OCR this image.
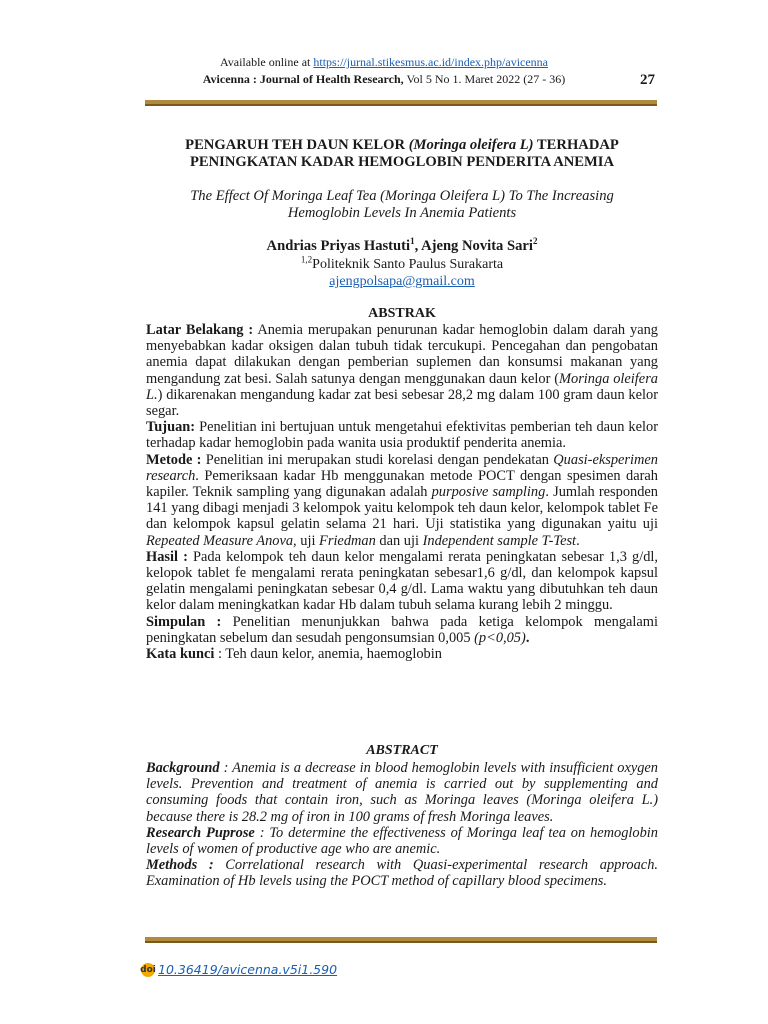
Available online at https://jurnal.stikesmus.ac.id/index.php/avicenna
Avicenna : Journal of Health Research, Vol 5 No 1. Maret 2022 (27 - 36)	27
PENGARUH TEH DAUN KELOR (Moringa oleifera L) TERHADAP
PENINGKATAN KADAR HEMOGLOBIN PENDERITA ANEMIA
The Effect Of Moringa Leaf Tea (Moringa Oleifera L) To The Increasing
Hemoglobin Levels In Anemia Patients
Andrias Priyas Hastuti$^1$, Ajeng Novita Sari$^2$
$^{1,2}$Politeknik Santo Paulus Surakarta
ajengpolsapa@gmail.com
ABSTRAK

Latar Belakang : Anemia merupakan penurunan kadar hemoglobin dalam darah yang menyebabkan kadar oksigen dalan tubuh tidak tercukupi. Pencegahan dan pengobatan anemia dapat dilakukan dengan pemberian suplemen dan konsumsi makanan yang mengandung zat besi. Salah satunya dengan menggunakan daun kelor (Moringa oleifera L.) dikarenakan mengandung kadar zat besi sebesar 28,2 mg dalam 100 gram daun kelor segar.

Tujuan: Penelitian ini bertujuan untuk mengetahui efektivitas pemberian teh daun kelor terhadap kadar hemoglobin pada wanita usia produktif penderita anemia.

Metode : Penelitian ini merupakan studi korelasi dengan pendekatan Quasi-eksperimen research. Pemeriksaan kadar Hb menggunakan metode POCT dengan spesimen darah kapiler. Teknik sampling yang digunakan adalah purposive sampling. Jumlah responden 141 yang dibagi menjadi 3 kelompok yaitu kelompok teh daun kelor, kelompok tablet Fe dan kelompok kapsul gelatin selama 21 hari. Uji statistika yang digunakan yaitu uji Repeated Measure Anova, uji Friedman dan uji Independent sample T-Test.

Hasil : Pada kelompok teh daun kelor mengalami rerata peningkatan sebesar 1,3 g/dl, kelopok tablet fe mengalami rerata peningkatan sebesar1,6 g/dl, dan kelompok kapsul gelatin mengalami peningkatan sebesar 0,4 g/dl. Lama waktu yang dibutuhkan teh daun kelor dalam meningkatkan kadar Hb dalam tubuh selama kurang lebih 2 minggu.

Simpulan : Penelitian menunjukkan bahwa pada ketiga kelompok mengalami peningkatan sebelum dan sesudah pengonsumsian 0,005 (p<0,05).

Kata kunci : Teh daun kelor, anemia, haemoglobin

ABSTRACT

Background : Anemia is a decrease in blood hemoglobin levels with insufficient oxygen levels. Prevention and treatment of anemia is carried out by supplementing and consuming foods that contain iron, such as Moringa leaves (Moringa oleifera L.) because there is 28.2 mg of iron in 100 grams of fresh Moringa leaves.

Research Puprose : To determine the effectiveness of Moringa leaf tea on hemoglobin levels of women of productive age who are anemic.

Methods : Correlational research with Quasi-experimental research approach. Examination of Hb levels using the POCT method of capillary blood specimens.

doi 10.36419/avicenna.v5i1.590
